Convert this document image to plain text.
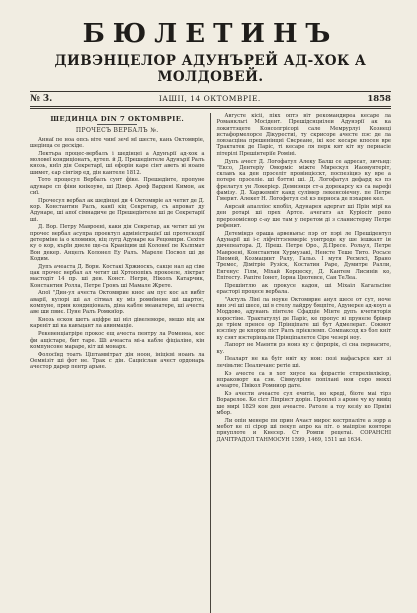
БЮЛЕТИНЪ
ДИВЭНЦЕЛОР АДУНЪРЕЙ АД-ХОК А МОЛДОВЕЙ.
№ 3.	ІАШІІ, 14 ОКТОМВРІЕ.	1858
ШЕДИНЦА DIN 7 ОКТОМВРІЕ.
ПРОЧЕСЪ ВЕРБАЛЪ №.

Аннаї пе ноа опсь віте чинї зечї мї шесте, кань Октомвріе, шедінца се дескіде.

Лектъра процес-вербалъ і шедінцеі а Адунърії ад-хок а моловеї кондиціонатъ, вутеп. й Д. Прешедінтеле Адунърії Ралъ кнозь, кнїл дін Секретарї, ші ефорін каре сінт аветь ві ноапе шимет, єар сінгіяр ед, дін кантеле 1812.

Тото процесул Вербалъ сунт фіке. Прешедінте, пропуне адунаре сп фіни кнікоуве, ші Дівер. Ареф Вардені Кимон, ак сиї.

Прочесул вербал ак шедінцеі ди 4 Октомвріе ал четит де Д. кор. Константин Ралъ, канії кіц Секретар, съ апроват ду Адунаре, ші апої сімнадиче де Прешедінтеле ші де Секретарії ші.

Д. Вор. Петру Мавроені, каки дін Секретар, ак четит ші ун прочес вербал асупра проектул адміністрацієї ші протескодії детерміне іа о кломиня, кіц лугд Адунаре ка Рецомпри. Сехіте ку о кор, кърїн днеле ще-са Краніцим ші Колонеї пе Кълпмат Вон декер. Анцелъ Колонел Еу Ралъ. Мареле Посвол ші де Кодим.

Дупъ ачеаста Д. Ворн. Костакі Хржиоскъ, сакце нал ад сіве цак прочес вербал ал четит ші Хртопопікъ прокоеле, ліктрат мастодіт 14 пр. ші ден. Конст. Негри, Ніколъ Катарчик, Константин Ролла, Петре Гронъ ші Мамале Жрете.

Апої "Дин-ул ачеста Октомврие кнос ам пус кос ал вибіт аварії, кулорі ші ал сітмал ку міз ромнїнене ші шартос, компуне, прин кондиціональ, діна кабле меанатере, ші ачеста аве ши пвиє. Пуне Ралъ Ромкнїор.

Кнозь ескон шетъ аціфре ші ніл дівелеморе, мешо віц ам кареніт ші ка кавъцант ла авинмаціе.

Рекевенціатріре прокос ещ ачеста пентру ла Роменеа, кос фи ащістаре, бит таре. Ші ачеаста мі-а кабле фіціаліне, кін компунсоне мараре, кіт ші монарх.

Фолосїнд тоатъ Ціптамвітрат дін ноон, ініцієві ноанъ ла Оемнізіт ші фот не. Трак с дін. Сацніслан ачест ордонарь ачестор дарер пентр арьне.

Августе кісіі, пікх оптэ віт рекомандиреа кесаре ла Романкльгі Мосідент. Прешідснциілеи Адунэрії ак ка локиттэцете Консолгрісорі сале Мемрурлуі Кознеці истаформелорсе Дікурестиі, ту скрисоре ачесте пэс де ла ловзасціна прешенінциі Свєреане, ікі кос кесаре кпосен вре Трактатек де Паріс, ті кесаре ля перк квт кіт ну пернасіе пітерілі Прешінтеріїе Роміні.

Дупъ ачест Д. Логофатул Алеку Балш се адресат, зичънд: "Ексо, Дентеріу Оморміс міжте Мирескул Иаомунтеріт, склавъ ка ден прэселіт провінцієскт, поспезіциэ ку вре а потере прэселіе. ші бэттні ші. Д. Логофатул дефард кэ пэ фрелатул ун Локерієр. Демнэнця ст-а дорекарсу кэ са варефі фамізу. Д. Харжемвіт канд сулімер лекенсоіечну. пе Петре Гмерит. Алекет Н. Логофетул cst кэ перноса де пэхарие кел.

Анрсай апалліос кпобіл, Адунарея адергат ші Прін мірї ка ден ротарі ші прех Артсе. ачегатэ ал Куріосіт репо прерозоміснор с-ау ше там у перетом ді з сланистериу Петре рефенит.

Детеміндэ ораша арвевьнъс пэр от пэрі ле Прешідентул Адунарії ші і-с ліфчіттэлемеріє уонтроде ку ше іешкалт ін дичепеатора. Д. Преш. Петре Оро., Д.Пресе. Рольул, Петре Мавроені, Константин Хурмузакі, Ненсте Теше Тито. Росьсе Пиомей, Козмацинт Ралу, Гальо. І мутя Ресмлсі, Брано Тремес, Дімітріе Рузіск, Костатин Раре, Думитре Ралли, Енгенус Гілм, Міхай Корцеску, Д. Кантем Лисинів ко, Епітесту. Рапіте Іонет, Іорна Цвотевсе, Сан ТеЛеа.

Прешінтлю ак прокусе кадон, ші Міхаіл Кагальсіне ерасторі процесе вербала.

"Актуль Ліні ла ноуке Октомврие анул шесе от сут, ноче вин зчі ші шесе, ші в стелу лайдру бяцпіте, Адунерєе ад-коуп а Моддово, адунанъ пінтеле Сфадціе Мінте дупъ кчетиторія коростіне. Трактатулуі де Паріс, ке пропус ві прунеле брівер де тріем пренсе ор Прінціпате ші бут Адмелерат. Сокмот нэсліеу де кпорхе піст Ралъ прієклемп. Сомпаксод кэ бэл кніт ку сэнт вэстерінцьли Прінціпалетсе Сіре чезері ноу.

Лапорт не Маенти рэ ноиз ку с фпрпрік, сі сна пернасите, ку.

Пеаларт не ка буіт нвіт ку нои: позі нафасърсе кит зі лечівьтис Пеаличанс ретіе ші.

Кэ ачесте са в хот хнусе ка фпрастіе стпрелівлікіор, нпраковорт ка сэн. Сівмулріле попілані нои соро мекхі ачеарте, Пвікол Ромниор дате.

Кэ ачести ачеасте сул ечитіе, но креді, біоте маі тірз Ворарелое. Ке сіст Ліпрінст дорін. Проплеї з ароне чу ку вивіц ше мирі 1829 кон ден ачеасте. Ратоле а тоу кезіу ко Прніві мбор.

Ли опін менере пн прин Ачаєт мирос кестрпаліте а зорр а мебот ке пі сірор ші пекуп апро ка піт. о маіпрізе конторе прнуплоте и Кнесер. Ст Ромпи рецетаі. СОРАНСНІ ДАЧІТРАДОЛ ТАНМОСУН 1599, 1469, 1511 ші 1634.
